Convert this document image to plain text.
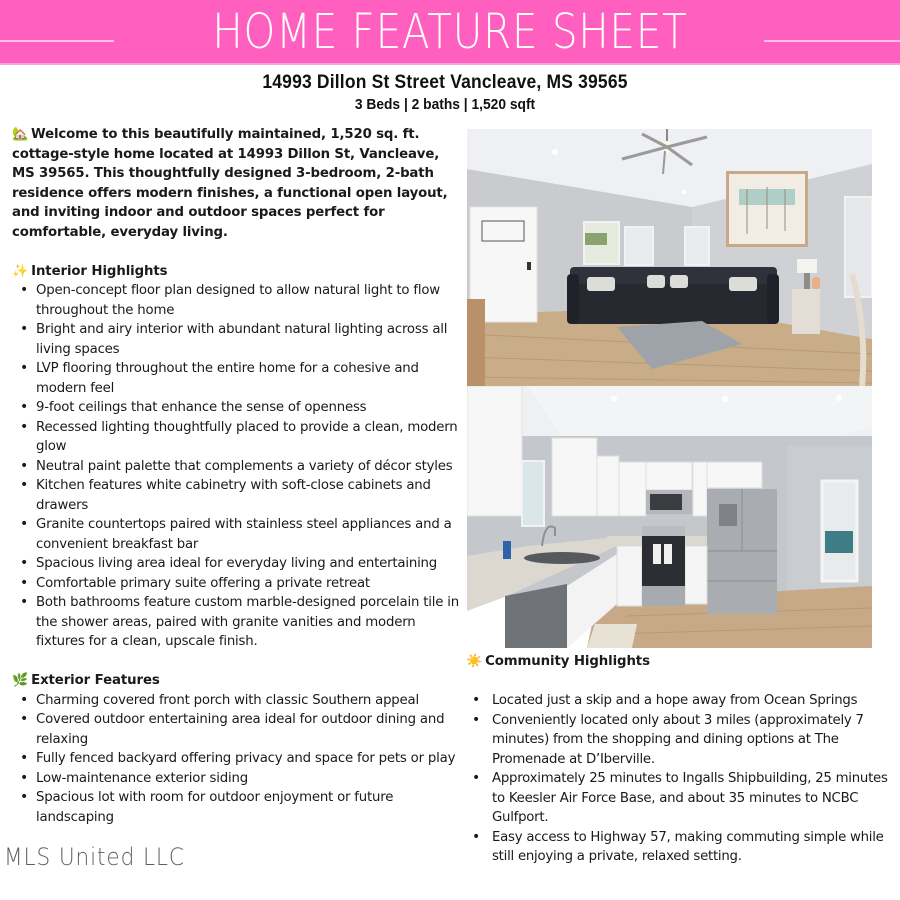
HOME FEATURE SHEET
14993 Dillon St Street Vancleave, MS 39565
3 Beds | 2 baths | 1,520 sqft

🏡 Welcome to this beautifully maintained, 1,520 sq. ft. cottage-style home located at 14993 Dillon St, Vancleave, MS 39565. This thoughtfully designed 3-bedroom, 2-bath residence offers modern finishes, a functional open layout, and inviting indoor and outdoor spaces perfect for comfortable, everyday living.

✨ Interior Highlights
• Open-concept floor plan designed to allow natural light to flow throughout the home
• Bright and airy interior with abundant natural lighting across all living spaces
• LVP flooring throughout the entire home for a cohesive and modern feel
• 9-foot ceilings that enhance the sense of openness
• Recessed lighting thoughtfully placed to provide a clean, modern glow
• Neutral paint palette that complements a variety of décor styles
• Kitchen features white cabinetry with soft-close cabinets and drawers
• Granite countertops paired with stainless steel appliances and a convenient breakfast bar
• Spacious living area ideal for everyday living and entertaining
• Comfortable primary suite offering a private retreat
• Both bathrooms feature custom marble-designed porcelain tile in the shower areas, paired with granite vanities and modern fixtures for a clean, upscale finish.
🌿 Exterior Features
• Charming covered front porch with classic Southern appeal
• Covered outdoor entertaining area ideal for outdoor dining and relaxing
• Fully fenced backyard offering privacy and space for pets or play
• Low-maintenance exterior siding
• Spacious lot with room for outdoor enjoyment or future landscaping
☀️ Community Highlights
• Located just a skip and a hope away from Ocean Springs
• Conveniently located only about 3 miles (approximately 7 minutes) from the shopping and dining options at The Promenade at D’Iberville.
• Approximately 25 minutes to Ingalls Shipbuilding, 25 minutes to Keesler Air Force Base, and about 35 minutes to NCBC Gulfport.
• Easy access to Highway 57, making commuting simple while still enjoying a private, relaxed setting.
MLS United LLC
